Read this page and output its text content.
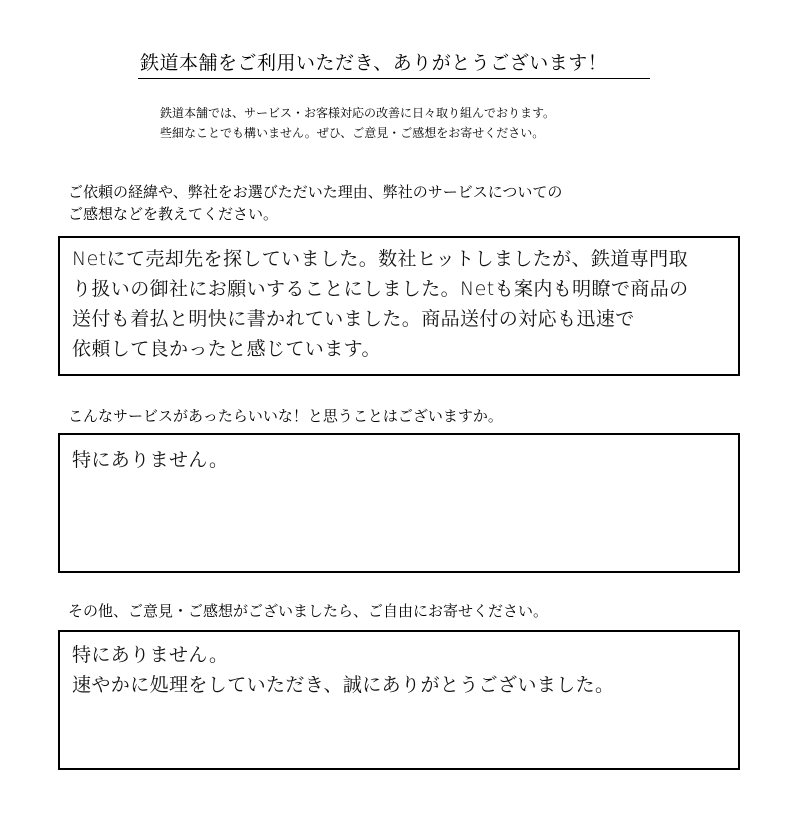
鉄道本舗をご利用いただき、ありがとうございます！
鉄道本舗では、サービス・お客様対応の改善に日々取り組んでおります。
些細なことでも構いません。ぜひ、ご意見・ご感想をお寄せください。
ご依頼の経緯や、弊社をお選びただいた理由、弊社のサービスについての
ご感想などを教えてください。
Netにて売却先を探していました。数社ヒットしましたが、鉄道専門取
り扱いの御社にお願いすることにしました。Netも案内も明瞭で商品の
送付も着払と明快に書かれていました。商品送付の対応も迅速で
依頼して良かったと感じています。
こんなサービスがあったらいいな！と思うことはございますか。
特にありません。
その他、ご意見・ご感想がございましたら、ご自由にお寄せください。
特にありません。
速やかに処理をしていただき、誠にありがとうございました。
